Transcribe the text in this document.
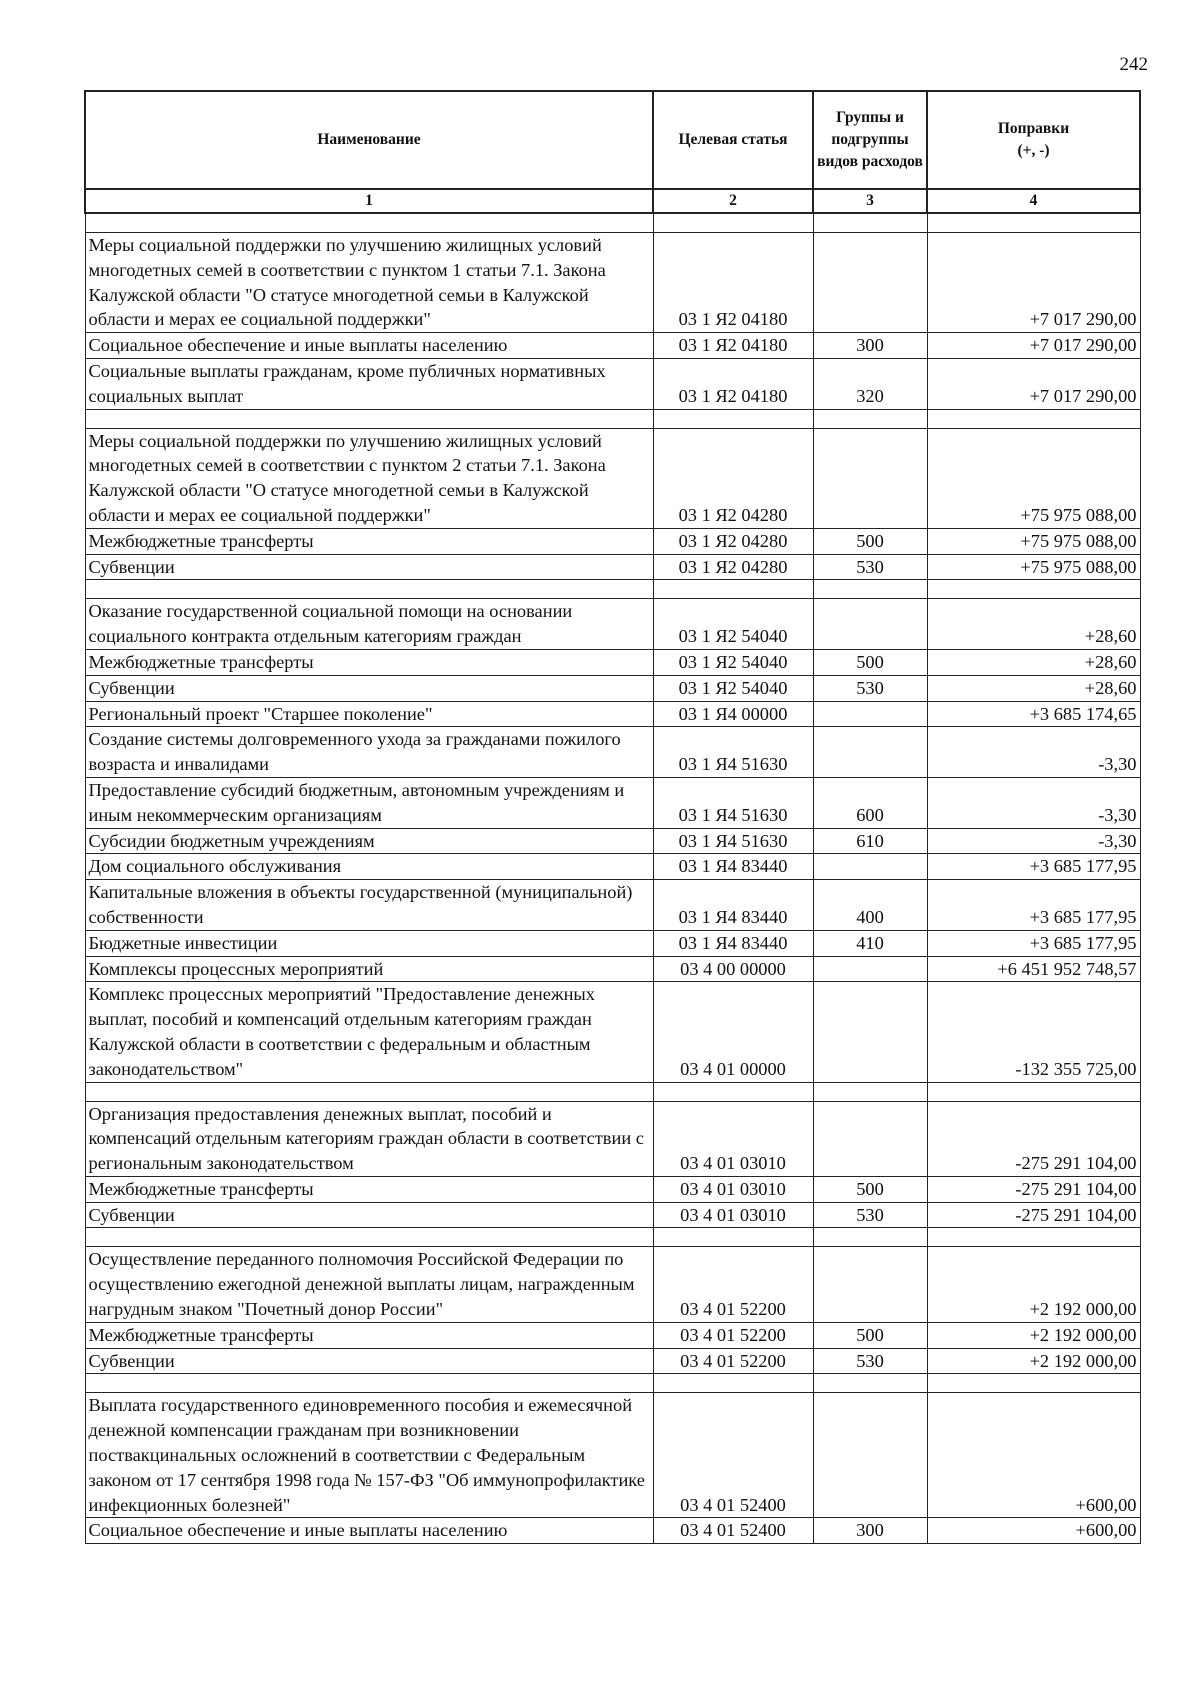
242
Наименование	Целевая статья	Группы и подгруппы видов расходов	Поправки
(+, -)
1	2	3	4

Меры социальной поддержки по улучшению жилищных условий многодетных семей в соответствии с пунктом 1 статьи 7.1. Закона Калужской области "О статусе многодетной семьи в Калужской области и мерах ее социальной поддержки"	03 1 Я2 04180		+7 017 290,00
Социальное обеспечение и иные выплаты населению	03 1 Я2 04180	300	+7 017 290,00
Социальные выплаты гражданам, кроме публичных нормативных социальных выплат	03 1 Я2 04180	320	+7 017 290,00

Меры социальной поддержки по улучшению жилищных условий многодетных семей в соответствии с пунктом 2 статьи 7.1. Закона Калужской области "О статусе многодетной семьи в Калужской области и мерах ее социальной поддержки"	03 1 Я2 04280		+75 975 088,00
Межбюджетные трансферты	03 1 Я2 04280	500	+75 975 088,00
Субвенции	03 1 Я2 04280	530	+75 975 088,00

Оказание государственной социальной помощи на основании социального контракта отдельным категориям граждан	03 1 Я2 54040		+28,60
Межбюджетные трансферты	03 1 Я2 54040	500	+28,60
Субвенции	03 1 Я2 54040	530	+28,60
Региональный проект "Старшее поколение"	03 1 Я4 00000		+3 685 174,65
Создание системы долговременного ухода за гражданами пожилого возраста и инвалидами	03 1 Я4 51630		-3,30
Предоставление субсидий бюджетным, автономным учреждениям и иным некоммерческим организациям	03 1 Я4 51630	600	-3,30
Субсидии бюджетным учреждениям	03 1 Я4 51630	610	-3,30
Дом социального обслуживания	03 1 Я4 83440		+3 685 177,95
Капитальные вложения в объекты государственной (муниципальной) собственности	03 1 Я4 83440	400	+3 685 177,95
Бюджетные инвестиции	03 1 Я4 83440	410	+3 685 177,95
Комплексы процессных мероприятий	03 4 00 00000		+6 451 952 748,57
Комплекс процессных мероприятий "Предоставление денежных выплат, пособий и компенсаций отдельным категориям граждан Калужской области в соответствии с федеральным и областным законодательством"	03 4 01 00000		-132 355 725,00

Организация предоставления денежных выплат, пособий и компенсаций отдельным категориям граждан области в соответствии с региональным законодательством	03 4 01 03010		-275 291 104,00
Межбюджетные трансферты	03 4 01 03010	500	-275 291 104,00
Субвенции	03 4 01 03010	530	-275 291 104,00

Осуществление переданного полномочия Российской Федерации по осуществлению ежегодной денежной выплаты лицам, награжденным нагрудным знаком "Почетный донор России"	03 4 01 52200		+2 192 000,00
Межбюджетные трансферты	03 4 01 52200	500	+2 192 000,00
Субвенции	03 4 01 52200	530	+2 192 000,00

Выплата государственного единовременного пособия и ежемесячной денежной компенсации гражданам при возникновении поствакцинальных осложнений в соответствии с Федеральным законом от 17 сентября 1998 года № 157-ФЗ "Об иммунопрофилактике инфекционных болезней"	03 4 01 52400		+600,00
Социальное обеспечение и иные выплаты населению	03 4 01 52400	300	+600,00
